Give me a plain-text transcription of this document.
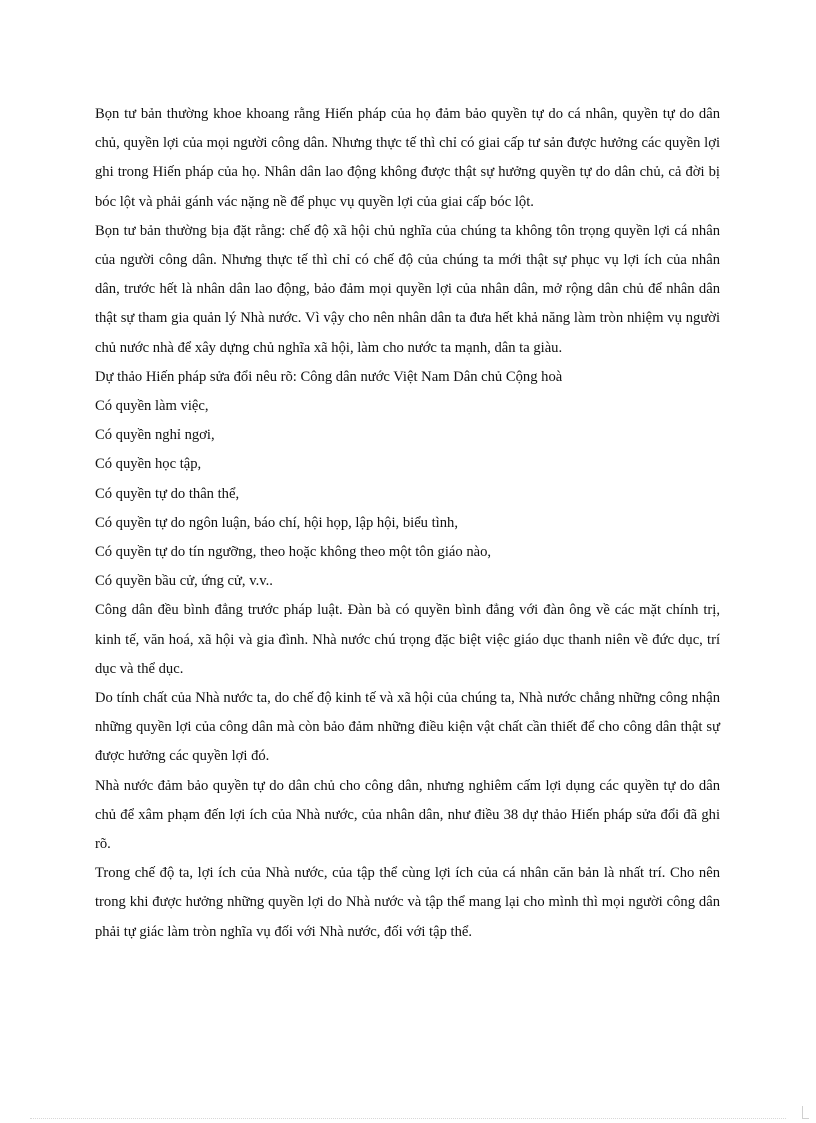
Bọn tư bản thường khoe khoang rằng Hiến pháp của họ đảm bảo quyền tự do cá nhân, quyền tự do dân chủ, quyền lợi của mọi người công dân. Nhưng thực tế thì chỉ có giai cấp tư sản được hưởng các quyền lợi ghi trong Hiến pháp của họ. Nhân dân lao động không được thật sự hưởng quyền tự do dân chủ, cả đời bị bóc lột và phải gánh vác nặng nề để phục vụ quyền lợi của giai cấp bóc lột.

Bọn tư bản thường bịa đặt rằng: chế độ xã hội chủ nghĩa của chúng ta không tôn trọng quyền lợi cá nhân của người công dân. Nhưng thực tế thì chỉ có chế độ của chúng ta mới thật sự phục vụ lợi ích của nhân dân, trước hết là nhân dân lao động, bảo đảm mọi quyền lợi của nhân dân, mở rộng dân chủ để nhân dân thật sự tham gia quản lý Nhà nước. Vì vậy cho nên nhân dân ta đưa hết khả năng làm tròn nhiệm vụ người chủ nước nhà để xây dựng chủ nghĩa xã hội, làm cho nước ta mạnh, dân ta giàu.

Dự thảo Hiến pháp sửa đổi nêu rõ: Công dân nước Việt Nam Dân chủ Cộng hoà

Có quyền làm việc,

Có quyền nghỉ ngơi,

Có quyền học tập,

Có quyền tự do thân thể,

Có quyền tự do ngôn luận, báo chí, hội họp, lập hội, biểu tình,

Có quyền tự do tín ngưỡng, theo hoặc không theo một tôn giáo nào,

Có quyền bầu cử, ứng cử, v.v..

Công dân đều bình đẳng trước pháp luật. Đàn bà có quyền bình đẳng với đàn ông về các mặt chính trị, kinh tế, văn hoá, xã hội và gia đình. Nhà nước chú trọng đặc biệt việc giáo dục thanh niên về đức dục, trí dục và thể dục.

Do tính chất của Nhà nước ta, do chế độ kinh tế và xã hội của chúng ta, Nhà nước chẳng những công nhận những quyền lợi của công dân mà còn bảo đảm những điều kiện vật chất cần thiết để cho công dân thật sự được hưởng các quyền lợi đó.

Nhà nước đảm bảo quyền tự do dân chủ cho công dân, nhưng nghiêm cấm lợi dụng các quyền tự do dân chủ để xâm phạm đến lợi ích của Nhà nước, của nhân dân, như điều 38 dự thảo Hiến pháp sửa đổi đã ghi rõ.

Trong chế độ ta, lợi ích của Nhà nước, của tập thể cùng lợi ích của cá nhân căn bản là nhất trí. Cho nên trong khi được hưởng những quyền lợi do Nhà nước và tập thể mang lại cho mình thì mọi người công dân phải tự giác làm tròn nghĩa vụ đối với Nhà nước, đối với tập thể.
